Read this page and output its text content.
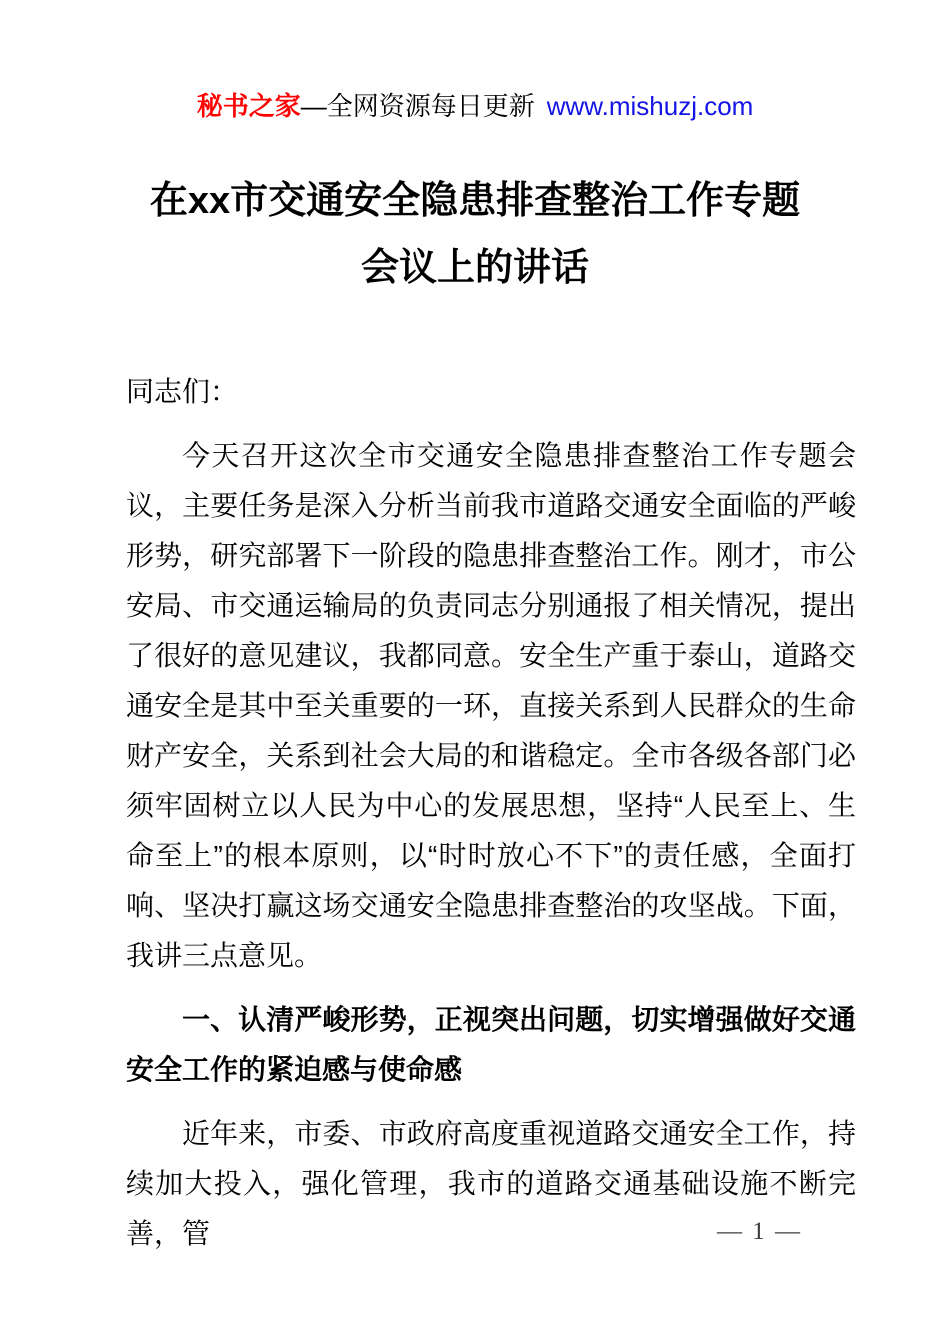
秘书之家—全网资源每日更新 www.mishuzj.com
在xx市交通安全隐患排查整治工作专题
会议上的讲话

同志们：

今天召开这次全市交通安全隐患排查整治工作专题会议，主要任务是深入分析当前我市道路交通安全面临的严峻形势，研究部署下一阶段的隐患排查整治工作。刚才，市公安局、市交通运输局的负责同志分别通报了相关情况，提出了很好的意见建议，我都同意。安全生产重于泰山，道路交通安全是其中至关重要的一环，直接关系到人民群众的生命财产安全，关系到社会大局的和谐稳定。全市各级各部门必须牢固树立以人民为中心的发展思想，坚持“人民至上、生命至上”的根本原则，以“时时放心不下”的责任感，全面打响、坚决打赢这场交通安全隐患排查整治的攻坚战。下面，我讲三点意见。

一、认清严峻形势，正视突出问题，切实增强做好交通安全工作的紧迫感与使命感

近年来，市委、市政府高度重视道路交通安全工作，持续加大投入，强化管理，我市的道路交通基础设施不断完善，管	— 1 —
